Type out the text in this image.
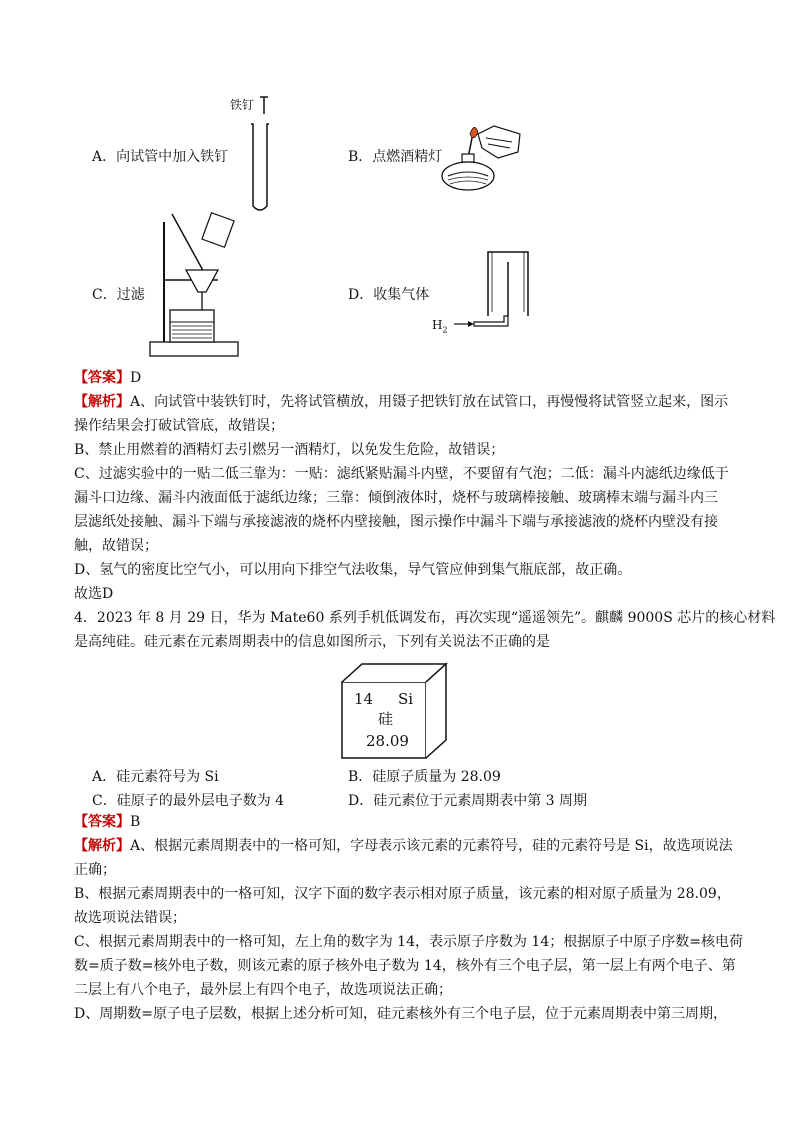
铁钉
A．向试管中加入铁钉	B．点燃酒精灯
C．过滤
$H_2$
D．收集气体
【答案】D
【解析】A、向试管中装铁钉时，先将试管横放，用镊子把铁钉放在试管口，再慢慢将试管竖立起来，图示
操作结果会打破试管底，故错误；
B、禁止用燃着的酒精灯去引燃另一酒精灯，以免发生危险，故错误；
C、过滤实验中的一贴二低三靠为：一贴：滤纸紧贴漏斗内壁，不要留有气泡；二低：漏斗内滤纸边缘低于
漏斗口边缘、漏斗内液面低于滤纸边缘；三靠：倾倒液体时，烧杯与玻璃棒接触、玻璃棒末端与漏斗内三
层滤纸处接触、漏斗下端与承接滤液的烧杯内壁接触，图示操作中漏斗下端与承接滤液的烧杯内壁没有接
触，故错误；
D、氢气的密度比空气小，可以用向下排空气法收集，导气管应伸到集气瓶底部，故正确。
故选D
4．2023 年 8 月 29 日，华为 Mate60 系列手机低调发布，再次实现“遥遥领先”。麒麟 9000S 芯片的核心材料
是高纯硅。硅元素在元素周期表中的信息如图所示，下列有关说法不正确的是
14 Si
硅
28.09
A．硅元素符号为 Si	B．硅原子质量为 28.09
C．硅原子的最外层电子数为 4	D．硅元素位于元素周期表中第 3 周期
【答案】B
【解析】A、根据元素周期表中的一格可知，字母表示该元素的元素符号，硅的元素符号是 Si，故选项说法
正确；
B、根据元素周期表中的一格可知，汉字下面的数字表示相对原子质量，该元素的相对原子质量为 28.09，
故选项说法错误；
C、根据元素周期表中的一格可知，左上角的数字为 14，表示原子序数为 14；根据原子中原子序数=核电荷
数=质子数=核外电子数，则该元素的原子核外电子数为 14，核外有三个电子层，第一层上有两个电子、第
二层上有八个电子，最外层上有四个电子，故选项说法正确；
D、周期数=原子电子层数，根据上述分析可知，硅元素核外有三个电子层，位于元素周期表中第三周期，
